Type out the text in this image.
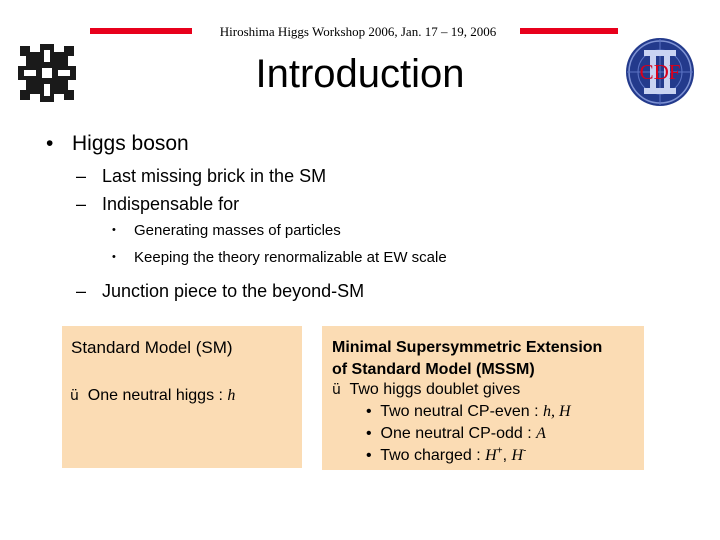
Hiroshima Higgs Workshop 2006, Jan. 17 – 19, 2006
CDF
Introduction
• Higgs boson
– Last missing brick in the SM
– Indispensable for
• Generating masses of particles
• Keeping the theory renormalizable at EW scale
– Junction piece to the beyond-SM
Standard Model (SM)
ü One neutral higgs : h
Minimal Supersymmetric Extension
of Standard Model (MSSM)
ü Two higgs doublet gives
• Two neutral CP-even : h, H
• One neutral CP-odd : A
• Two charged : H+, H-
